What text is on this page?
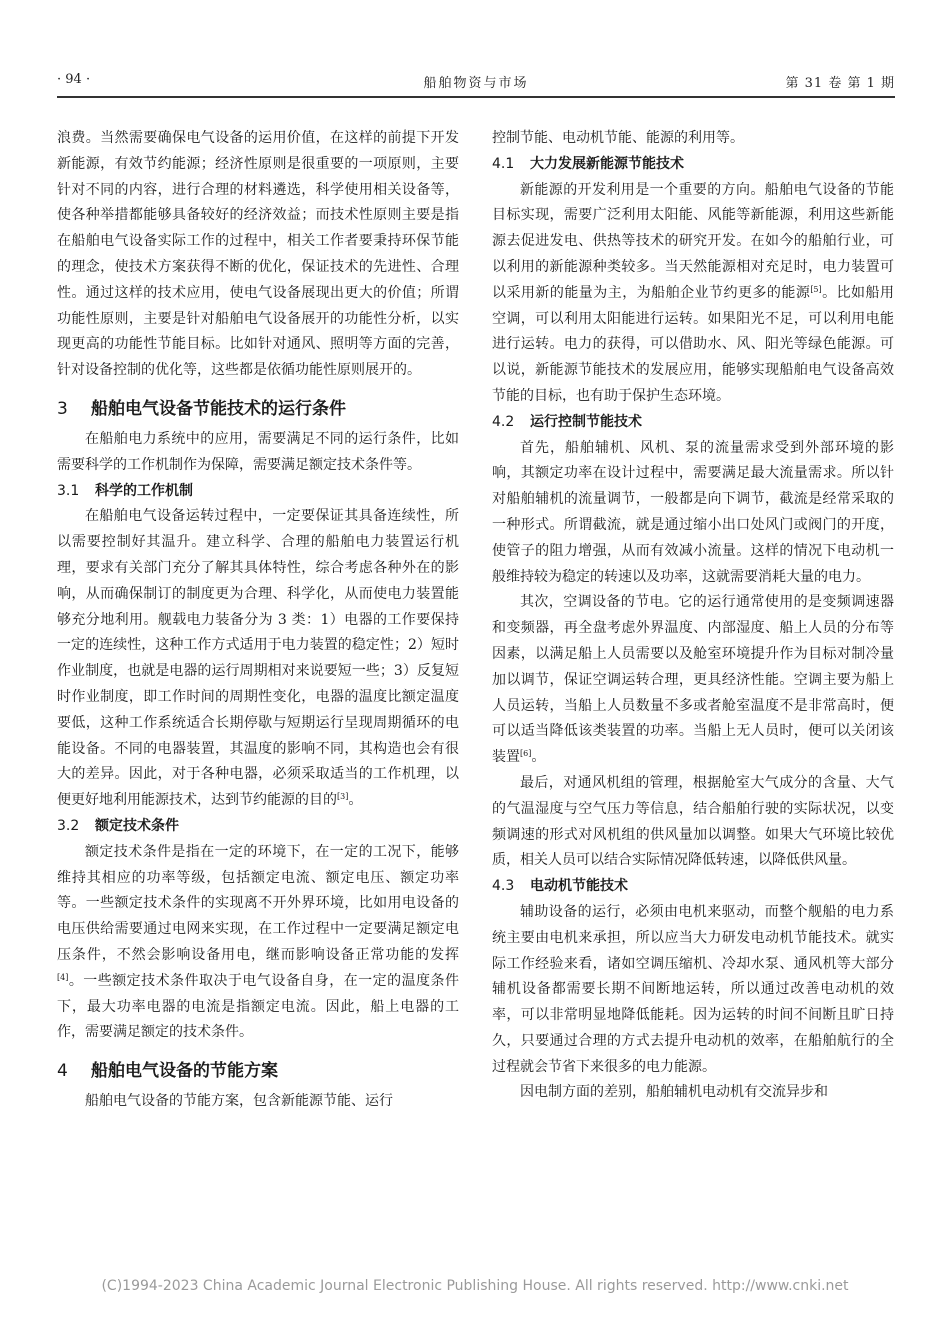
· 94 ·	船舶物资与市场	第 31 卷 第 1 期

浪费。当然需要确保电气设备的运用价值，在这样的前提下开发新能源，有效节约能源；经济性原则是很重要的一项原则，主要针对不同的内容，进行合理的材料遴选，科学使用相关设备等，使各种举措都能够具备较好的经济效益；而技术性原则主要是指在船舶电气设备实际工作的过程中，相关工作者要秉持环保节能的理念，使技术方案获得不断的优化，保证技术的先进性、合理性。通过这样的技术应用，使电气设备展现出更大的价值；所谓功能性原则，主要是针对船舶电气设备展开的功能性分析，以实现更高的功能性节能目标。比如针对通风、照明等方面的完善，针对设备控制的优化等，这些都是依循功能性原则展开的。

3 船舶电气设备节能技术的运行条件

在船舶电力系统中的应用，需要满足不同的运行条件，比如需要科学的工作机制作为保障，需要满足额定技术条件等。

3.1 科学的工作机制

在船舶电气设备运转过程中，一定要保证其具备连续性，所以需要控制好其温升。建立科学、合理的船舶电力装置运行机理，要求有关部门充分了解其具体特性，综合考虑各种外在的影响，从而确保制订的制度更为合理、科学化，从而使电力装置能够充分地利用。舰载电力装备分为 3 类：1）电器的工作要保持一定的连续性，这种工作方式适用于电力装置的稳定性；2）短时作业制度，也就是电器的运行周期相对来说要短一些；3）反复短时作业制度，即工作时间的周期性变化，电器的温度比额定温度要低，这种工作系统适合长期停歇与短期运行呈现周期循环的电能设备。不同的电器装置，其温度的影响不同，其构造也会有很大的差异。因此，对于各种电器，必须采取适当的工作机理，以便更好地利用能源技术，达到节约能源的目的[3]。

3.2 额定技术条件

额定技术条件是指在一定的环境下，在一定的工况下，能够维持其相应的功率等级，包括额定电流、额定电压、额定功率等。一些额定技术条件的实现离不开外界环境，比如用电设备的电压供给需要通过电网来实现，在工作过程中一定要满足额定电压条件，不然会影响设备用电，继而影响设备正常功能的发挥[4]。一些额定技术条件取决于电气设备自身，在一定的温度条件下，最大功率电器的电流是指额定电流。因此，船上电器的工作，需要满足额定的技术条件。

4 船舶电气设备的节能方案

船舶电气设备的节能方案，包含新能源节能、运行

控制节能、电动机节能、能源的利用等。

4.1 大力发展新能源节能技术

新能源的开发利用是一个重要的方向。船舶电气设备的节能目标实现，需要广泛利用太阳能、风能等新能源，利用这些新能源去促进发电、供热等技术的研究开发。在如今的船舶行业，可以利用的新能源种类较多。当天然能源相对充足时，电力装置可以采用新的能量为主，为船舶企业节约更多的能源[5]。比如船用空调，可以利用太阳能进行运转。如果阳光不足，可以利用电能进行运转。电力的获得，可以借助水、风、阳光等绿色能源。可以说，新能源节能技术的发展应用，能够实现船舶电气设备高效节能的目标，也有助于保护生态环境。

4.2 运行控制节能技术

首先，船舶辅机、风机、泵的流量需求受到外部环境的影响，其额定功率在设计过程中，需要满足最大流量需求。所以针对船舶辅机的流量调节，一般都是向下调节，截流是经常采取的一种形式。所谓截流，就是通过缩小出口处风门或阀门的开度，使管子的阻力增强，从而有效减小流量。这样的情况下电动机一般维持较为稳定的转速以及功率，这就需要消耗大量的电力。

其次，空调设备的节电。它的运行通常使用的是变频调速器和变频器，再全盘考虑外界温度、内部湿度、船上人员的分布等因素，以满足船上人员需要以及舱室环境提升作为目标对制冷量加以调节，保证空调运转合理，更具经济性能。空调主要为船上人员运转，当船上人员数量不多或者舱室温度不是非常高时，便可以适当降低该类装置的功率。当船上无人员时，便可以关闭该装置[6]。

最后，对通风机组的管理，根据舱室大气成分的含量、大气的气温湿度与空气压力等信息，结合船舶行驶的实际状况，以变频调速的形式对风机组的供风量加以调整。如果大气环境比较优质，相关人员可以结合实际情况降低转速，以降低供风量。

4.3 电动机节能技术

辅助设备的运行，必须由电机来驱动，而整个舰船的电力系统主要由电机来承担，所以应当大力研发电动机节能技术。就实际工作经验来看，诸如空调压缩机、冷却水泵、通风机等大部分辅机设备都需要长期不间断地运转，所以通过改善电动机的效率，可以非常明显地降低能耗。因为运转的时间不间断且旷日持久，只要通过合理的方式去提升电动机的效率，在船舶航行的全过程就会节省下来很多的电力能源。

因电制方面的差别，船舶辅机电动机有交流异步和

(C)1994-2023 China Academic Journal Electronic Publishing House. All rights reserved. http://www.cnki.net
